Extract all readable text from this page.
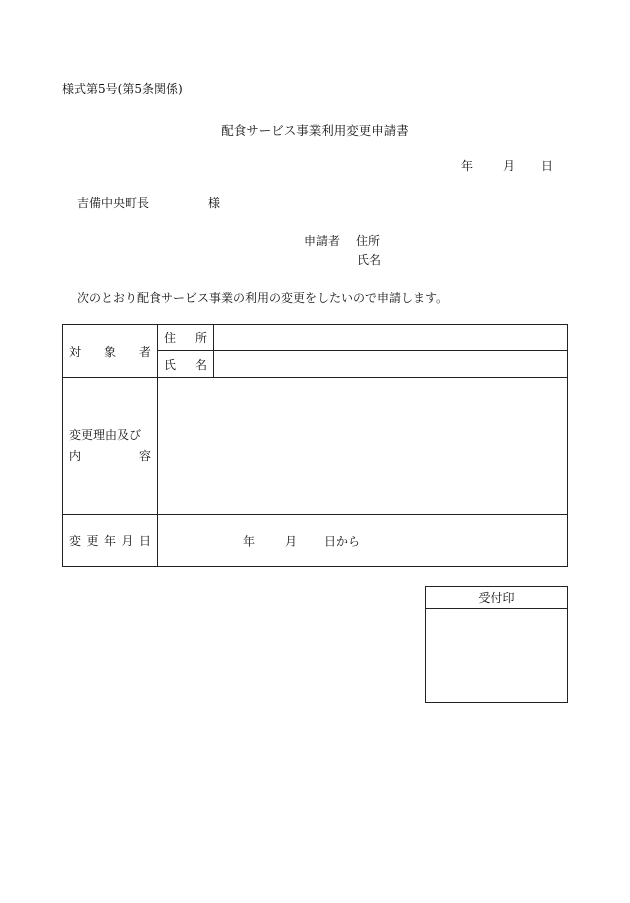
様式第5号(第5条関係)
配食サービス事業利用変更申請書
年 月 日
吉備中央町長	様
申請者 住所
氏名
次のとおり配食サービス事業の利用の変更をしたいので申請します。
対 象 者	住 所	

	氏 名	

変更理由及び
内 容		

変 更 年 月 日	年 月 日から	
受付印
